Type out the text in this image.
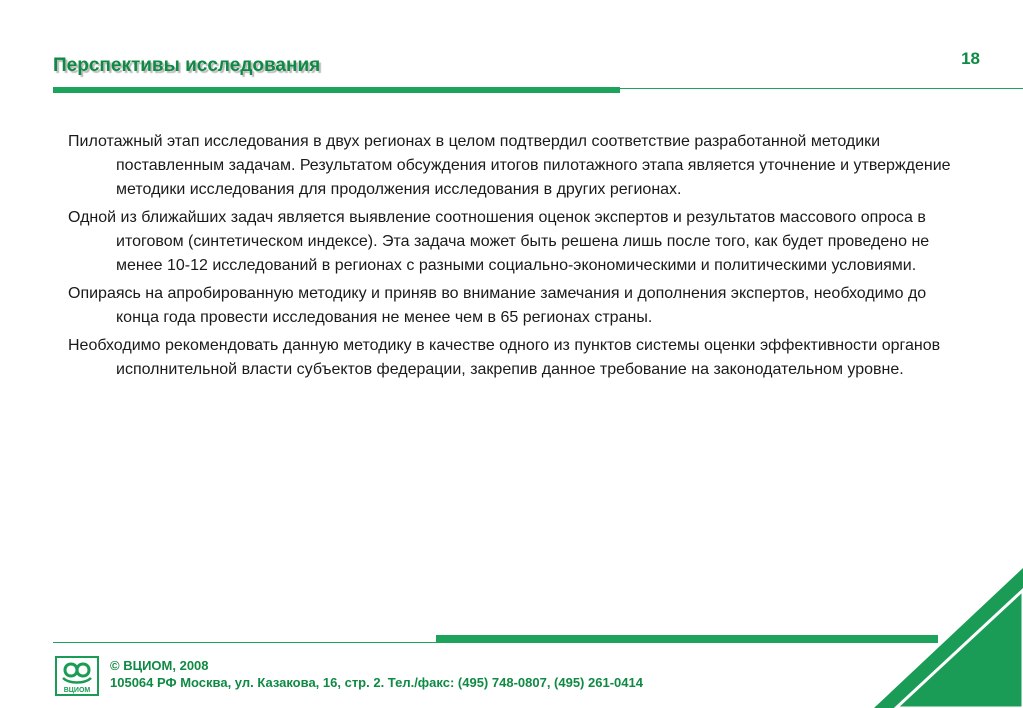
Перспективы исследования	18

Пилотажный этап исследования в двух регионах в целом подтвердил соответствие разработанной методики поставленным задачам. Результатом обсуждения итогов пилотажного этапа является уточнение и утверждение методики исследования для продолжения исследования в других регионах.

Одной из ближайших задач является выявление соотношения оценок экспертов и результатов массового опроса в итоговом (синтетическом индексе). Эта задача может быть решена лишь после того, как будет проведено не менее 10-12 исследований в регионах с разными социально-экономическими и политическими условиями.

Опираясь на апробированную методику и приняв во внимание замечания и дополнения экспертов, необходимо до конца года провести исследования не менее чем в 65 регионах страны.

Необходимо рекомендовать данную методику в качестве одного из пунктов системы оценки эффективности органов исполнительной власти субъектов федерации, закрепив данное требование на законодательном уровне.

ВЦИОМ
© ВЦИОМ, 2008
105064 РФ Москва, ул. Казакова, 16, стр. 2. Тел./факс: (495) 748-0807, (495) 261-0414
